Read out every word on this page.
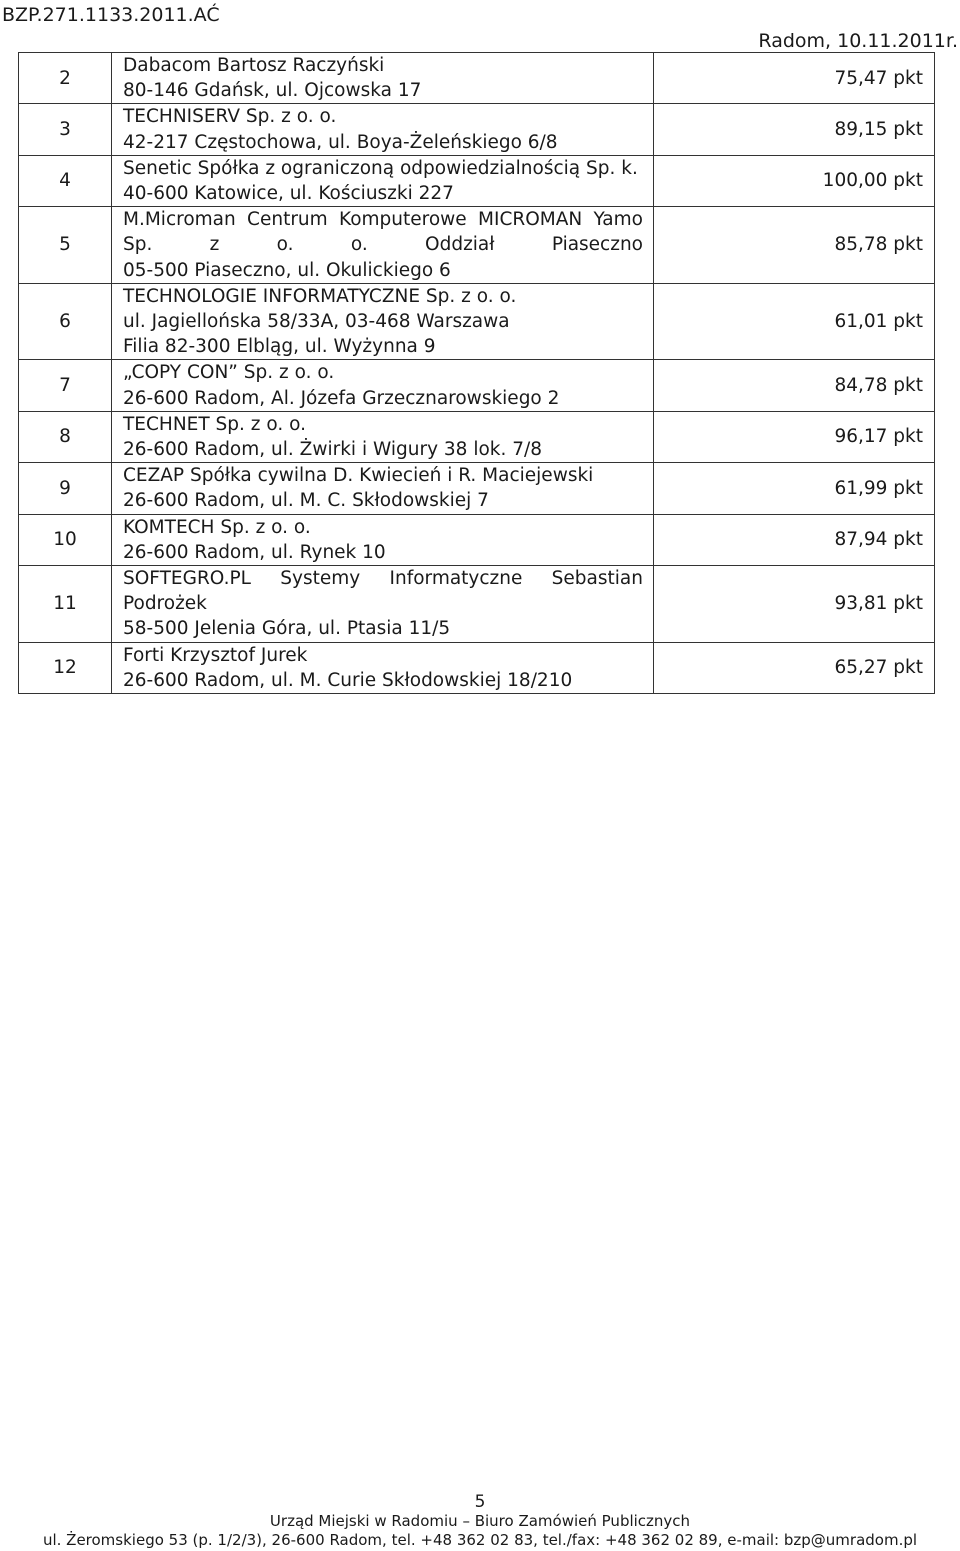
BZP.271.1133.2011.AĆ
Radom, 10.11.2011r.
2	Dabacom Bartosz Raczyński
80-146 Gdańsk, ul. Ojcowska 17	75,47 pkt
3	TECHNISERV Sp. z o. o.
42-217 Częstochowa, ul. Boya-Żeleńskiego 6/8	89,15 pkt
4	Senetic Spółka z ograniczoną odpowiedzialnością Sp. k.
40-600 Katowice, ul. Kościuszki 227	100,00 pkt
5	M.Microman Centrum Komputerowe MICROMAN Yamo
Sp. z o. o. Oddział Piaseczno
05-500 Piaseczno, ul. Okulickiego 6	85,78 pkt
6	TECHNOLOGIE INFORMATYCZNE Sp. z o. o.
ul. Jagiellońska 58/33A, 03-468 Warszawa
Filia 82-300 Elbląg, ul. Wyżynna 9	61,01 pkt
7	„COPY CON” Sp. z o. o.
26-600 Radom, Al. Józefa Grzecznarowskiego 2	84,78 pkt
8	TECHNET Sp. z o. o.
26-600 Radom, ul. Żwirki i Wigury 38 lok. 7/8	96,17 pkt
9	CEZAP Spółka cywilna D. Kwiecień i R. Maciejewski
26-600 Radom, ul. M. C. Skłodowskiej 7	61,99 pkt
10	KOMTECH Sp. z o. o.
26-600 Radom, ul. Rynek 10	87,94 pkt
11	SOFTEGRO.PL Systemy Informatyczne Sebastian
Podrożek
58-500 Jelenia Góra, ul. Ptasia 11/5	93,81 pkt
12	Forti Krzysztof Jurek
26-600 Radom, ul. M. Curie Skłodowskiej 18/210	65,27 pkt
5
Urząd Miejski w Radomiu – Biuro Zamówień Publicznych
ul. Żeromskiego 53 (p. 1/2/3), 26-600 Radom, tel. +48 362 02 83, tel./fax: +48 362 02 89, e-mail: bzp@umradom.pl
